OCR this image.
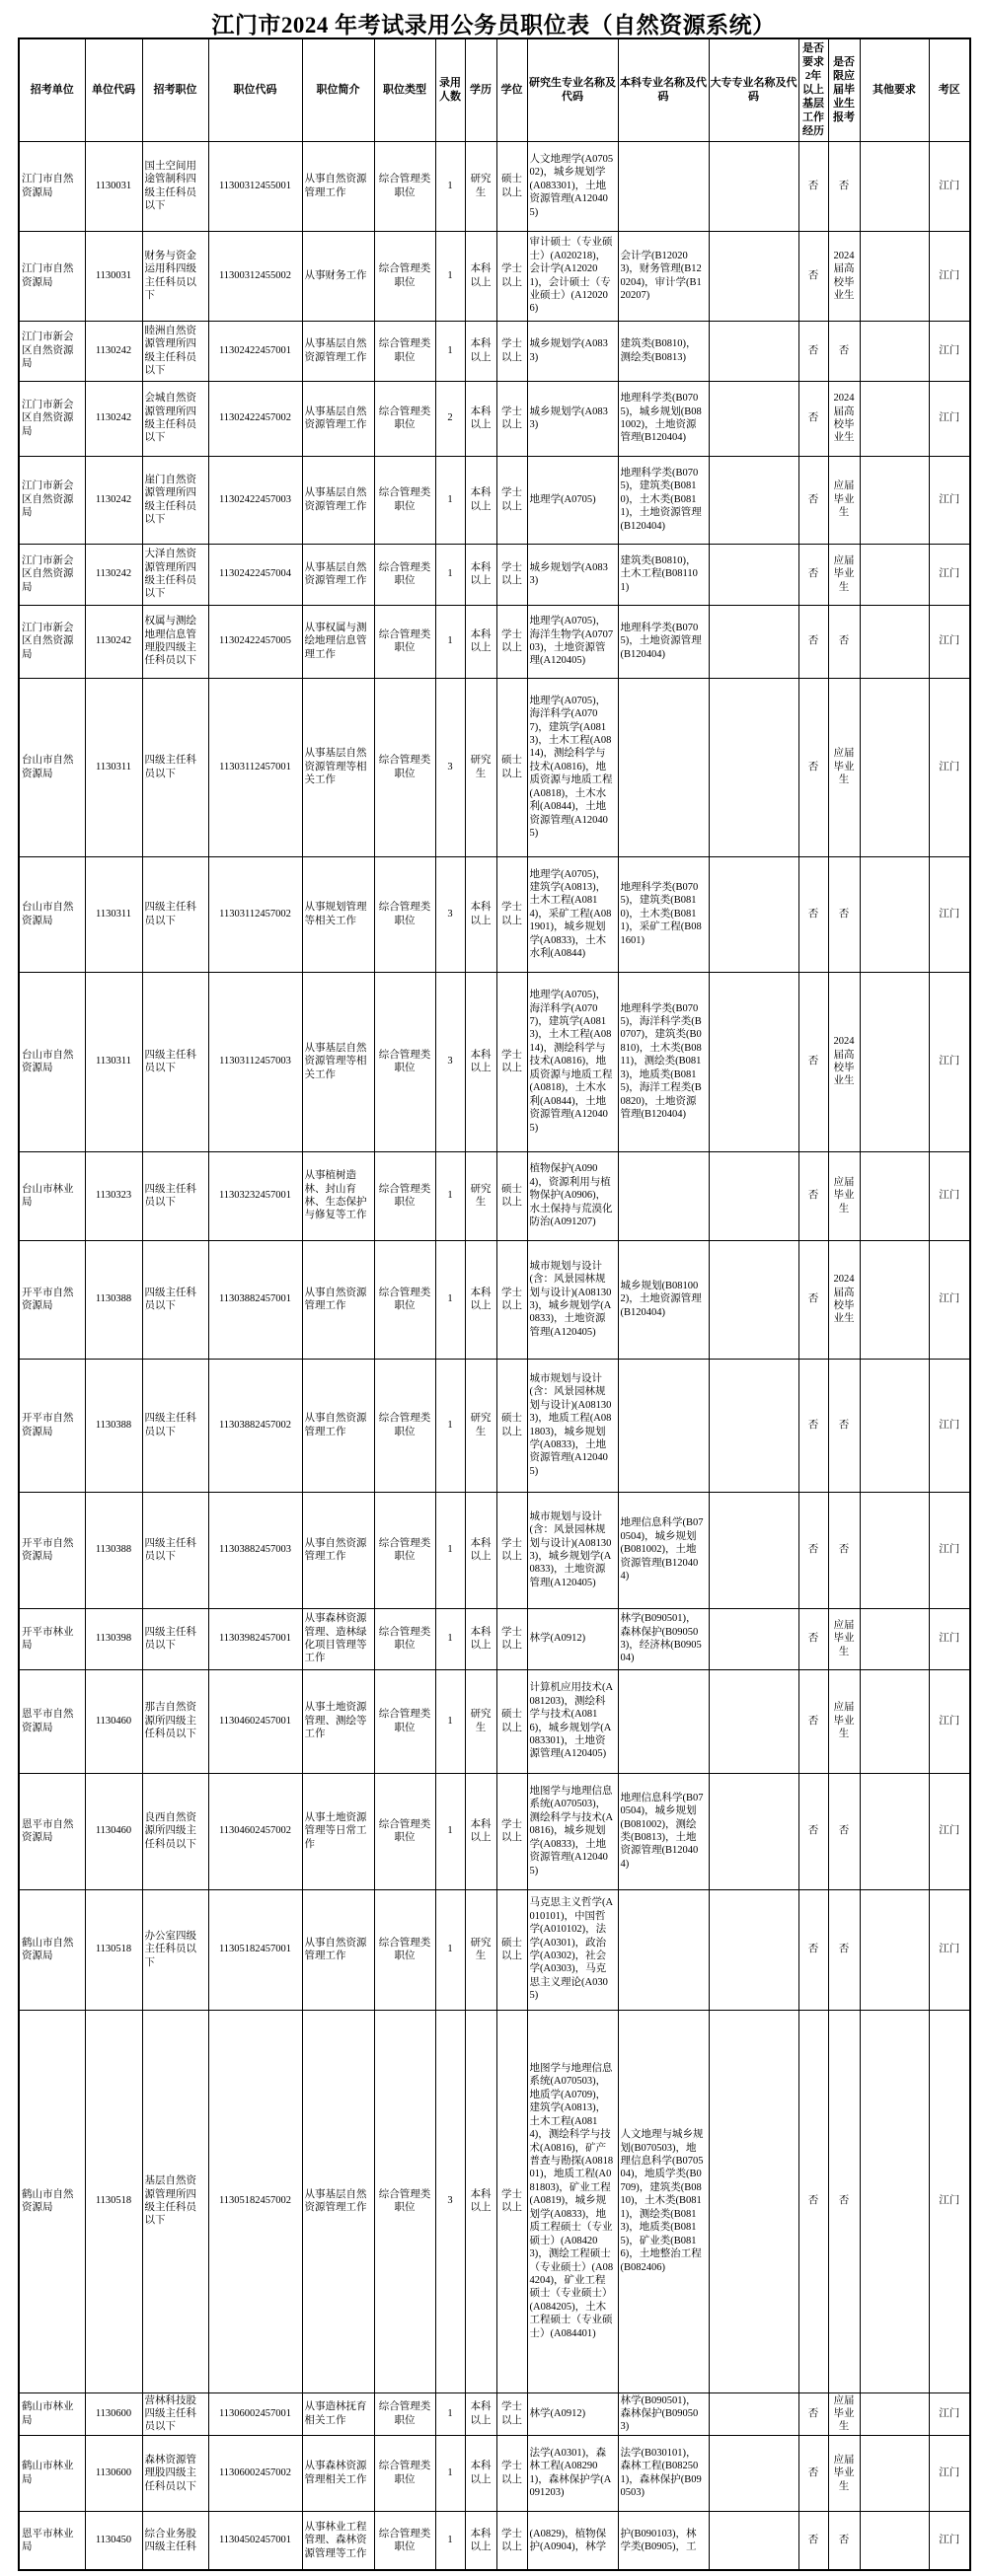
江门市2024 年考试录用公务员职位表（自然资源系统）
招考单位	单位代码	招考职位	职位代码	职位简介	职位类型	录用人数	学历	学位	研究生专业名称及代码	本科专业名称及代码	大专专业名称及代码	是否要求2年以上基层工作经历	是否限应届毕业生报考	其他要求	考区
江门市自然资源局	1130031	国土空间用途管制科四级主任科员以下	11300312455001	从事自然资源管理工作	综合管理类职位	1	研究生	硕士以上	人文地理学(A070502)，城乡规划学(A083301)，土地资源管理(A120405)			否	否		江门
江门市自然资源局	1130031	财务与资金运用科四级主任科员以下	11300312455002	从事财务工作	综合管理类职位	1	本科以上	学士以上	审计硕士（专业硕士）(A020218)，会计学(A120201)，会计硕士（专业硕士）(A120206)	会计学(B120203)，财务管理(B120204)，审计学(B120207)		否	2024届高校毕业生		江门
江门市新会区自然资源局	1130242	睦洲自然资源管理所四级主任科员以下	11302422457001	从事基层自然资源管理工作	综合管理类职位	1	本科以上	学士以上	城乡规划学(A0833)	建筑类(B0810)，测绘类(B0813)		否	否		江门
江门市新会区自然资源局	1130242	会城自然资源管理所四级主任科员以下	11302422457002	从事基层自然资源管理工作	综合管理类职位	2	本科以上	学士以上	城乡规划学(A0833)	地理科学类(B0705)，城乡规划(B081002)，土地资源管理(B120404)		否	2024届高校毕业生		江门
江门市新会区自然资源局	1130242	崖门自然资源管理所四级主任科员以下	11302422457003	从事基层自然资源管理工作	综合管理类职位	1	本科以上	学士以上	地理学(A0705)	地理科学类(B0705)，建筑类(B0810)，土木类(B0811)，土地资源管理(B120404)		否	应届毕业生		江门
江门市新会区自然资源局	1130242	大泽自然资源管理所四级主任科员以下	11302422457004	从事基层自然资源管理工作	综合管理类职位	1	本科以上	学士以上	城乡规划学(A0833)	建筑类(B0810)，土木工程(B081101)		否	应届毕业生		江门
江门市新会区自然资源局	1130242	权属与测绘地理信息管理股四级主任科员以下	11302422457005	从事权属与测绘地理信息管理工作	综合管理类职位	1	本科以上	学士以上	地理学(A0705)，海洋生物学(A070703)，土地资源管理(A120405)	地理科学类(B0705)，土地资源管理(B120404)		否	否		江门
台山市自然资源局	1130311	四级主任科员以下	11303112457001	从事基层自然资源管理等相关工作	综合管理类职位	3	研究生	硕士以上	地理学(A0705)，海洋科学(A0707)，建筑学(A0813)，土木工程(A0814)，测绘科学与技术(A0816)，地质资源与地质工程(A0818)，土木水利(A0844)，土地资源管理(A120405)			否	应届毕业生		江门
台山市自然资源局	1130311	四级主任科员以下	11303112457002	从事规划管理等相关工作	综合管理类职位	3	本科以上	学士以上	地理学(A0705)，建筑学(A0813)，土木工程(A0814)，采矿工程(A081901)，城乡规划学(A0833)，土木水利(A0844)	地理科学类(B0705)，建筑类(B0810)，土木类(B0811)，采矿工程(B081601)		否	否		江门
台山市自然资源局	1130311	四级主任科员以下	11303112457003	从事基层自然资源管理等相关工作	综合管理类职位	3	本科以上	学士以上	地理学(A0705)，海洋科学(A0707)，建筑学(A0813)，土木工程(A0814)，测绘科学与技术(A0816)，地质资源与地质工程(A0818)，土木水利(A0844)，土地资源管理(A120405)	地理科学类(B0705)，海洋科学类(B0707)，建筑类(B0810)，土木类(B0811)，测绘类(B0813)，地质类(B0815)，海洋工程类(B0820)，土地资源管理(B120404)		否	2024届高校毕业生		江门
台山市林业局	1130323	四级主任科员以下	11303232457001	从事植树造林、封山育林、生态保护与修复等工作	综合管理类职位	1	研究生	硕士以上	植物保护(A0904)，资源利用与植物保护(A0906)，水土保持与荒漠化防治(A091207)			否	应届毕业生		江门
开平市自然资源局	1130388	四级主任科员以下	11303882457001	从事自然资源管理工作	综合管理类职位	1	本科以上	学士以上	城市规划与设计(含：风景园林规划与设计)(A081303)，城乡规划学(A0833)，土地资源管理(A120405)	城乡规划(B081002)，土地资源管理(B120404)		否	2024届高校毕业生		江门
开平市自然资源局	1130388	四级主任科员以下	11303882457002	从事自然资源管理工作	综合管理类职位	1	研究生	硕士以上	城市规划与设计(含：风景园林规划与设计)(A081303)，地质工程(A081803)，城乡规划学(A0833)，土地资源管理(A120405)			否	否		江门
开平市自然资源局	1130388	四级主任科员以下	11303882457003	从事自然资源管理工作	综合管理类职位	1	本科以上	学士以上	城市规划与设计(含：风景园林规划与设计)(A081303)，城乡规划学(A0833)，土地资源管理(A120405)	地理信息科学(B070504)，城乡规划(B081002)，土地资源管理(B120404)		否	否		江门
开平市林业局	1130398	四级主任科员以下	11303982457001	从事森林资源管理、造林绿化项目管理等工作	综合管理类职位	1	本科以上	学士以上	林学(A0912)	林学(B090501)，森林保护(B090503)，经济林(B090504)		否	应届毕业生		江门
恩平市自然资源局	1130460	那吉自然资源所四级主任科员以下	11304602457001	从事土地资源管理、测绘等工作	综合管理类职位	1	研究生	硕士以上	计算机应用技术(A081203)，测绘科学与技术(A0816)，城乡规划学(A083301)，土地资源管理(A120405)			否	应届毕业生		江门
恩平市自然资源局	1130460	良西自然资源所四级主任科员以下	11304602457002	从事土地资源管理等日常工作	综合管理类职位	1	本科以上	学士以上	地图学与地理信息系统(A070503)，测绘科学与技术(A0816)，城乡规划学(A0833)，土地资源管理(A120405)	地理信息科学(B070504)，城乡规划(B081002)，测绘类(B0813)，土地资源管理(B120404)		否	否		江门
鹤山市自然资源局	1130518	办公室四级主任科员以下	11305182457001	从事自然资源管理工作	综合管理类职位	1	研究生	硕士以上	马克思主义哲学(A010101)，中国哲学(A010102)，法学(A0301)，政治学(A0302)，社会学(A0303)，马克思主义理论(A0305)			否	否		江门
鹤山市自然资源局	1130518	基层自然资源管理所四级主任科员以下	11305182457002	从事基层自然资源管理工作	综合管理类职位	3	本科以上	学士以上	地图学与地理信息系统(A070503)，地质学(A0709)，建筑学(A0813)，土木工程(A0814)，测绘科学与技术(A0816)，矿产普查与勘探(A081801)，地质工程(A081803)，矿业工程(A0819)，城乡规划学(A0833)，地质工程硕士（专业硕士）(A084203)，测绘工程硕士（专业硕士）(A084204)，矿业工程硕士（专业硕士）(A084205)，土木工程硕士（专业硕士）(A084401)	人文地理与城乡规划(B070503)，地理信息科学(B070504)，地质学类(B0709)，建筑类(B0810)，土木类(B0811)，测绘类(B0813)，地质类(B0815)，矿业类(B0816)，土地整治工程(B082406)		否	否		江门
鹤山市林业局	1130600	营林科技股四级主任科员以下	11306002457001	从事造林抚育相关工作	综合管理类职位	1	本科以上	学士以上	林学(A0912)	林学(B090501)，森林保护(B090503)		否	应届毕业生		江门
鹤山市林业局	1130600	森林资源管理股四级主任科员以下	11306002457002	从事森林资源管理相关工作	综合管理类职位	1	本科以上	学士以上	法学(A0301)，森林工程(A082901)，森林保护学(A091203)	法学(B030101)，森林工程(B082501)，森林保护(B090503)		否	应届毕业生		江门
恩平市林业局	1130450	综合业务股四级主任科	11304502457001	从事林业工程管理、森林资源管理等工作	综合管理类职位	1	本科以上	学士以上	(A0829)，植物保护(A0904)，林学	护(B090103)，林学类(B0905)，工		否	否		江门
